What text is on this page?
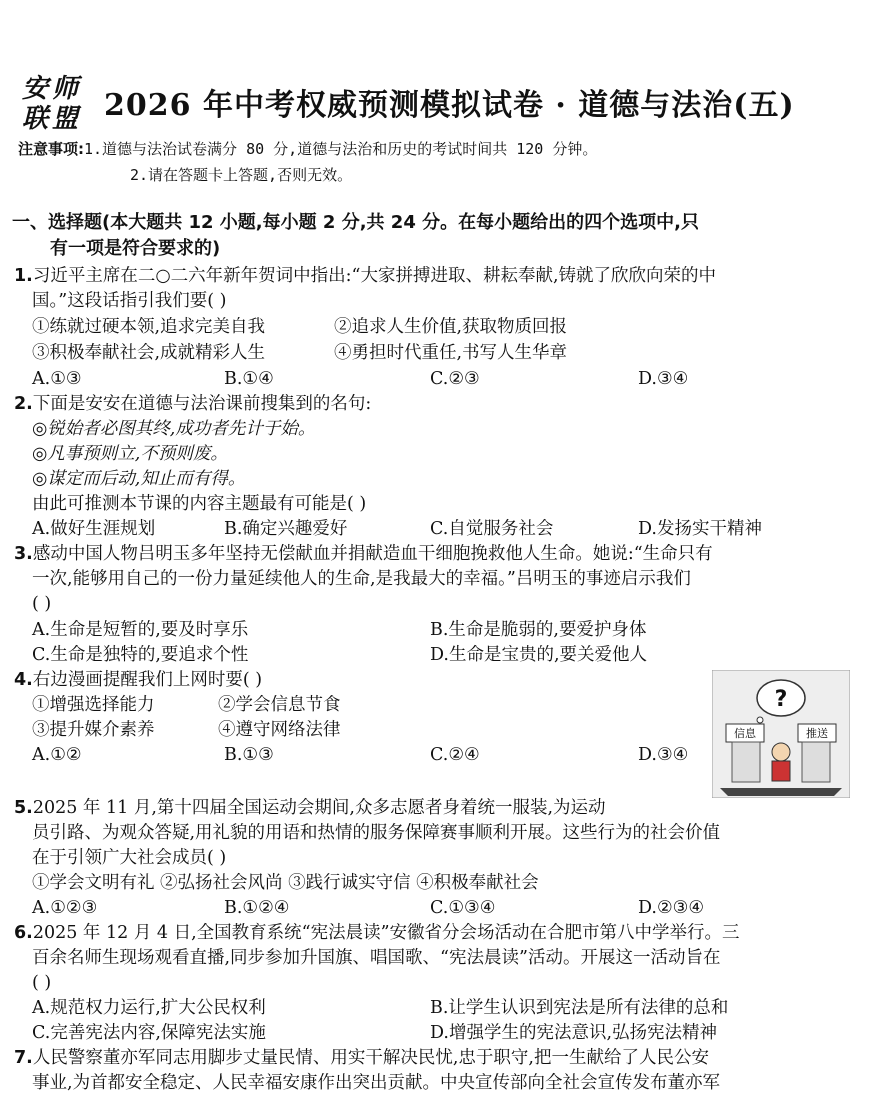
安师
联盟 2026 年中考权威预测模拟试卷 · 道德与法治(五)
注意事项:1.道德与法治试卷满分 80 分,道德与法治和历史的考试时间共 120 分钟。
2.请在答题卡上答题,否则无效。
一、选择题(本大题共 12 小题,每小题 2 分,共 24 分。在每小题给出的四个选项中,只
有一项是符合要求的)
1.习近平主席在二○二六年新年贺词中指出:“大家拼搏进取、耕耘奉献,铸就了欣欣向荣的中
国。”这段话指引我们要( )
①练就过硬本领,追求完美自我	②追求人生价值,获取物质回报
③积极奉献社会,成就精彩人生	④勇担时代重任,书写人生华章
A.①③	B.①④	C.②③	D.③④
2.下面是安安在道德与法治课前搜集到的名句:
◎锐始者必图其终,成功者先计于始。
◎凡事预则立,不预则废。
◎谋定而后动,知止而有得。
由此可推测本节课的内容主题最有可能是( )
A.做好生涯规划	B.确定兴趣爱好	C.自觉服务社会	D.发扬实干精神
3.感动中国人物吕明玉多年坚持无偿献血并捐献造血干细胞挽救他人生命。她说:“生命只有
一次,能够用自己的一份力量延续他人的生命,是我最大的幸福。”吕明玉的事迹启示我们
( )
A.生命是短暂的,要及时享乐	B.生命是脆弱的,要爱护身体
C.生命是独特的,要追求个性	D.生命是宝贵的,要关爱他人
4.右边漫画提醒我们上网时要( )
①增强选择能力	②学会信息节食
③提升媒介素养	④遵守网络法律
A.①②	B.①③	C.②④	D.③④
?
信息	推送
5.2025 年 11 月,第十四届全国运动会期间,众多志愿者身着统一服装,为运动
员引路、为观众答疑,用礼貌的用语和热情的服务保障赛事顺利开展。这些行为的社会价值
在于引领广大社会成员( )
①学会文明有礼 ②弘扬社会风尚 ③践行诚实守信 ④积极奉献社会
A.①②③	B.①②④	C.①③④	D.②③④
6.2025 年 12 月 4 日,全国教育系统“宪法晨读”安徽省分会场活动在合肥市第八中学举行。三
百余名师生现场观看直播,同步参加升国旗、唱国歌、“宪法晨读”活动。开展这一活动旨在
( )
A.规范权力运行,扩大公民权利	B.让学生认识到宪法是所有法律的总和
C.完善宪法内容,保障宪法实施	D.增强学生的宪法意识,弘扬宪法精神
7.人民警察董亦军同志用脚步丈量民情、用实干解决民忧,忠于职守,把一生献给了人民公安
事业,为首都安全稳定、人民幸福安康作出突出贡献。中央宣传部向全社会宣传发布董亦军
